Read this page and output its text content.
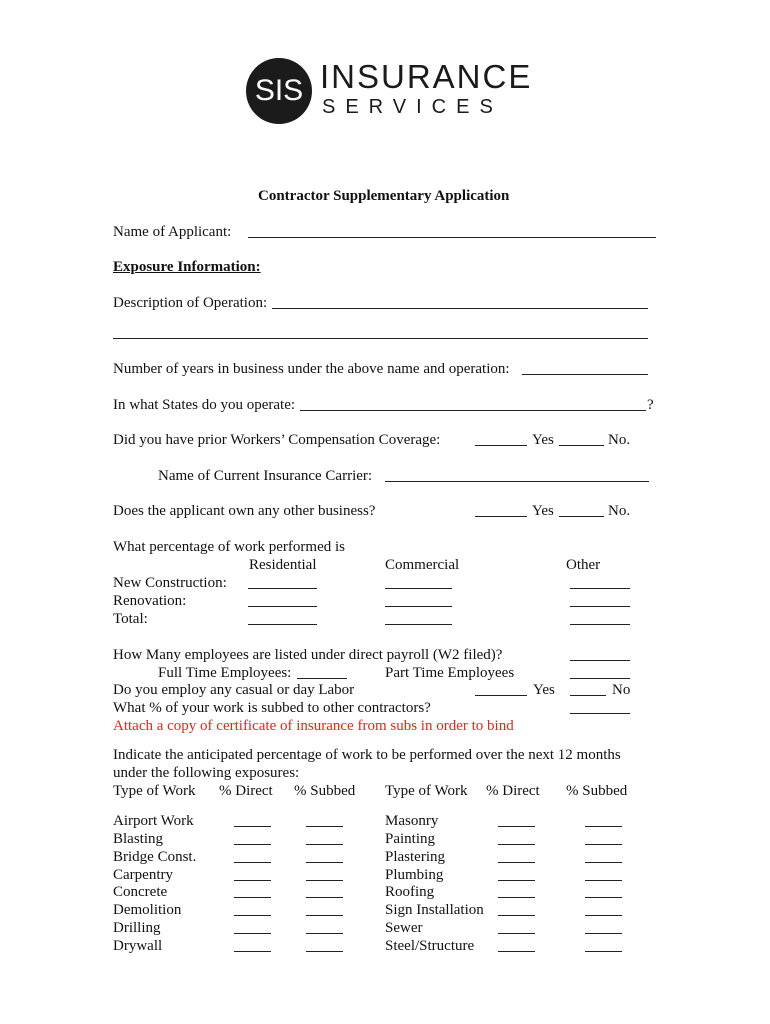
SIS INSURANCE
SERVICES
Contractor Supplementary Application
Name of Applicant:
Exposure Information:
Description of Operation:
Number of years in business under the above name and operation:
In what States do you operate:	?
Did you have prior Workers’ Compensation Coverage:	Yes	No.
Name of Current Insurance Carrier:
Does the applicant own any other business?	Yes	No.
What percentage of work performed is
Residential	Commercial	Other
New Construction:
Renovation:
Total:
How Many employees are listed under direct payroll (W2 filed)?
Full Time Employees:	Part Time Employees
Do you employ any casual or day Labor	Yes	No
What % of your work is subbed to other contractors?
Attach a copy of certificate of insurance from subs in order to bind
Indicate the anticipated percentage of work to be performed over the next 12 months
under the following exposures:
Type of Work % Direct % Subbed Type of Work % Direct % Subbed
Airport Work	Masonry
Blasting	Painting
Bridge Const.	Plastering
Carpentry	Plumbing
Concrete	Roofing
Demolition	Sign Installation
Drilling	Sewer
Drywall	Steel/Structure
